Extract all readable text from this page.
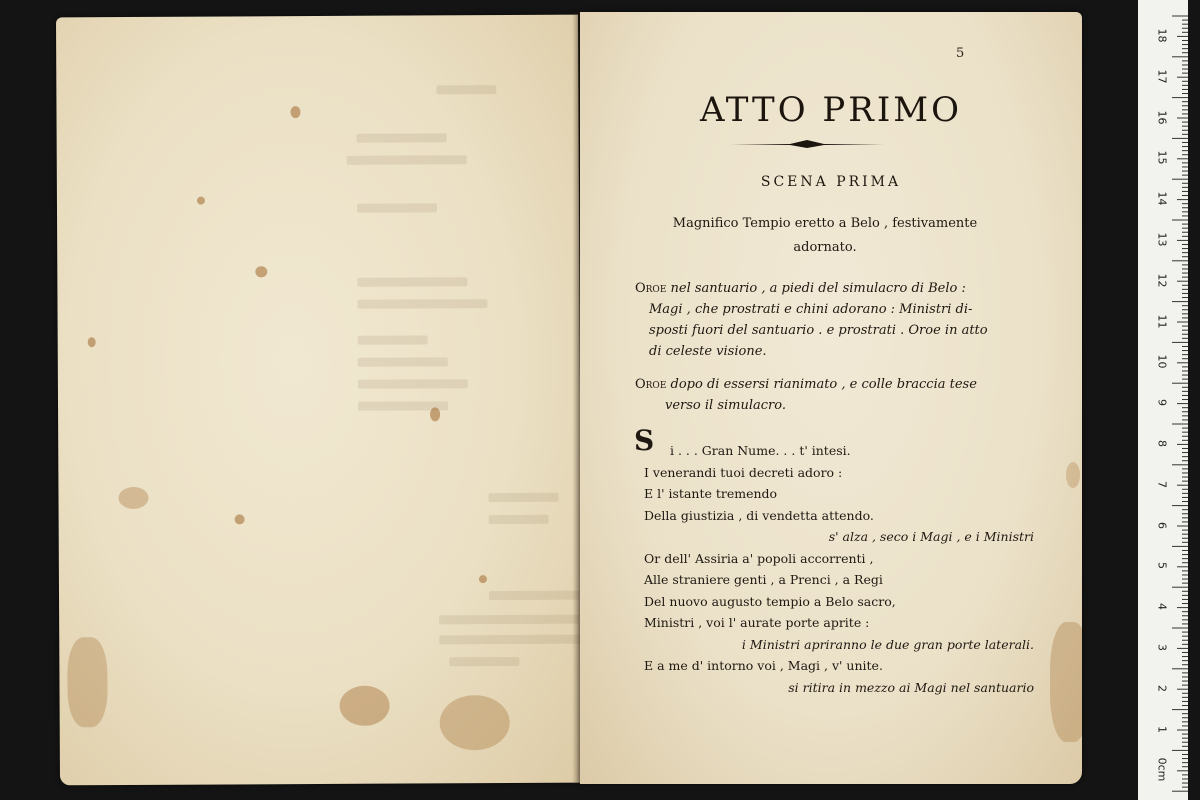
5
ATTO PRIMO
SCENA PRIMA
Magnifico Tempio eretto a Belo , festivamente
adornato.
Oroe nel santuario , a piedi del simulacro di Belo :
Magi , che prostrati e chini adorano : Ministri di-
sposti fuori del santuario . e prostrati . Oroe in atto
di celeste visione.
Oroe dopo di essersi rianimato , e colle braccia tese
verso il simulacro.
S i . . . Gran Nume. . . t' intesi.
I venerandi tuoi decreti adoro :
E l' istante tremendo
Della giustizia , di vendetta attendo.
s' alza , seco i Magi , e i Ministri
Or dell' Assiria a' popoli accorrenti ,
Alle straniere genti , a Prenci , a Regi
Del nuovo augusto tempio a Belo sacro,
Ministri , voi l' aurate porte aprite :
i Ministri apriranno le due gran porte laterali.
E a me d' intorno voi , Magi , v' unite.
si ritira in mezzo ai Magi nel santuario
18
17
16
15
14
13
12
11
10
9
8
7
6
5
4
3
2
1
0cm
